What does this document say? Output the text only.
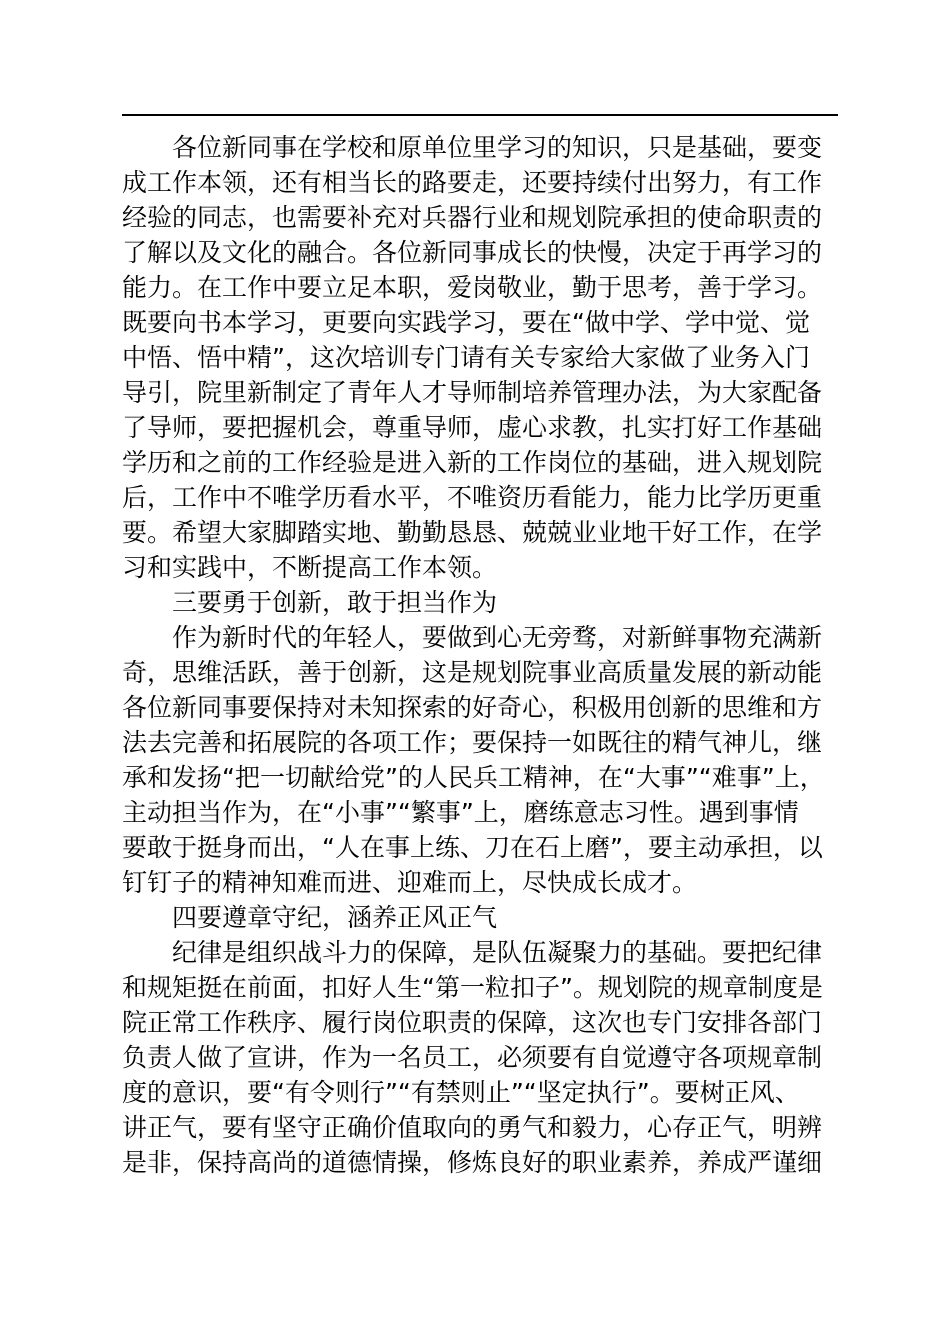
各位新同事在学校和原单位里学习的知识，只是基础，要变
成工作本领，还有相当长的路要走，还要持续付出努力，有工作
经验的同志，也需要补充对兵器行业和规划院承担的使命职责的
了解以及文化的融合。各位新同事成长的快慢，决定于再学习的
能力。在工作中要立足本职，爱岗敬业，勤于思考，善于学习。
既要向书本学习，更要向实践学习，要在“做中学、学中觉、觉
中悟、悟中精”，这次培训专门请有关专家给大家做了业务入门
导引，院里新制定了青年人才导师制培养管理办法，为大家配备
了导师，要把握机会，尊重导师，虚心求教，扎实打好工作基础
学历和之前的工作经验是进入新的工作岗位的基础，进入规划院
后，工作中不唯学历看水平，不唯资历看能力，能力比学历更重
要。希望大家脚踏实地、勤勤恳恳、兢兢业业地干好工作，在学
习和实践中，不断提高工作本领。
三要勇于创新，敢于担当作为
作为新时代的年轻人，要做到心无旁骛，对新鲜事物充满新
奇，思维活跃，善于创新，这是规划院事业高质量发展的新动能
各位新同事要保持对未知探索的好奇心，积极用创新的思维和方
法去完善和拓展院的各项工作；要保持一如既往的精气神儿，继
承和发扬“把一切献给党”的人民兵工精神，在“大事”“难事”上，
主动担当作为，在“小事”“繁事”上，磨练意志习性。遇到事情
要敢于挺身而出，“人在事上练、刀在石上磨”，要主动承担，以
钉钉子的精神知难而进、迎难而上，尽快成长成才。
四要遵章守纪，涵养正风正气
纪律是组织战斗力的保障，是队伍凝聚力的基础。要把纪律
和规矩挺在前面，扣好人生“第一粒扣子”。规划院的规章制度是
院正常工作秩序、履行岗位职责的保障，这次也专门安排各部门
负责人做了宣讲，作为一名员工，必须要有自觉遵守各项规章制
度的意识，要“有令则行”“有禁则止”“坚定执行”。要树正风、
讲正气，要有坚守正确价值取向的勇气和毅力，心存正气，明辨
是非，保持高尚的道德情操，修炼良好的职业素养，养成严谨细
